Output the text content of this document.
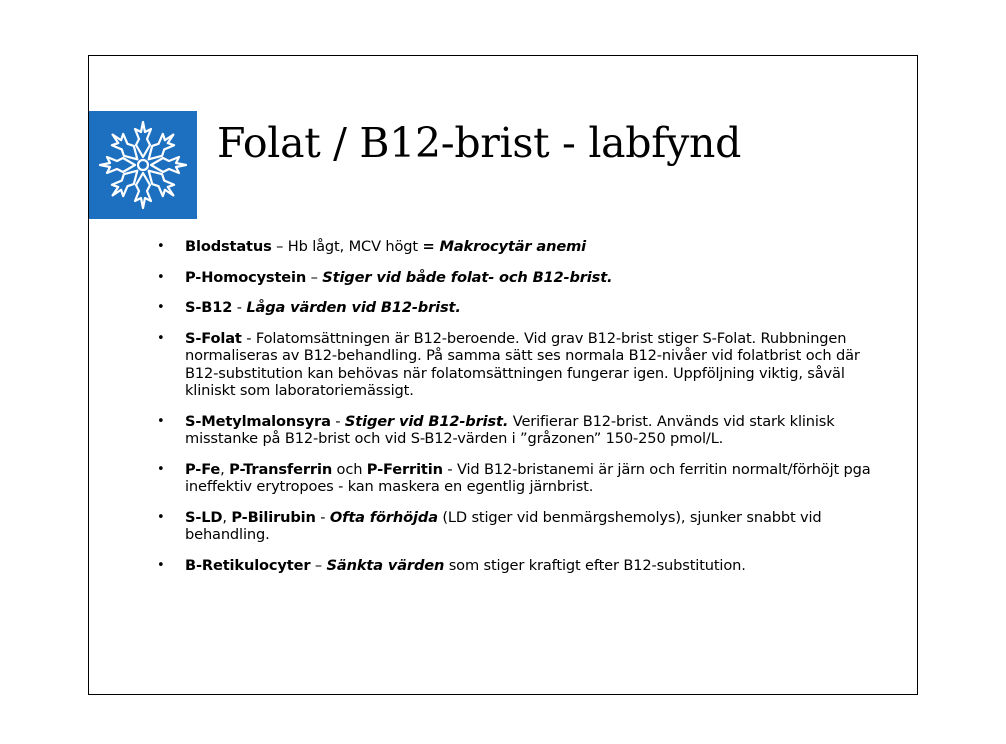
Folat / B12-brist - labfynd
• Blodstatus – Hb lågt, MCV högt = Makrocytär anemi
• P-Homocystein – Stiger vid både folat- och B12-brist.
• S-B12 - Låga värden vid B12-brist.
• S-Folat - Folatomsättningen är B12-beroende. Vid grav B12-brist stiger S-Folat. Rubbningen normaliseras av B12-behandling. På samma sätt ses normala B12-nivåer vid folatbrist och där B12-substitution kan behövas när folatomsättningen fungerar igen. Uppföljning viktig, såväl kliniskt som laboratoriemässigt.
• S-Metylmalonsyra - Stiger vid B12-brist. Verifierar B12-brist. Används vid stark klinisk misstanke på B12-brist och vid S-B12-värden i ”gråzonen” 150-250 pmol/L.
• P-Fe, P-Transferrin och P-Ferritin - Vid B12-bristanemi är järn och ferritin normalt/förhöjt pga ineffektiv erytropoes - kan maskera en egentlig järnbrist.
• S-LD, P-Bilirubin - Ofta förhöjda (LD stiger vid benmärgshemolys), sjunker snabbt vid behandling.
• B-Retikulocyter – Sänkta värden som stiger kraftigt efter B12-substitution.
